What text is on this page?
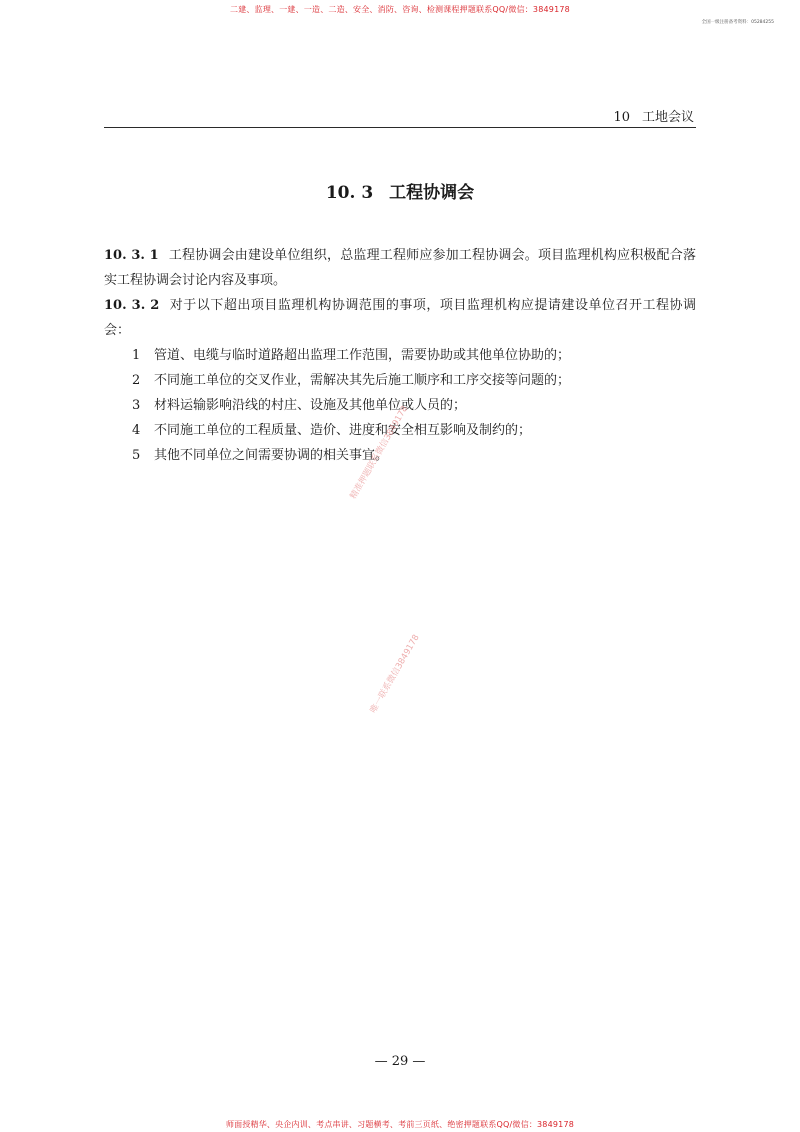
二建、监理、一建、一造、二造、安全、消防、咨询、检测课程押题联系QQ/微信：3849178
全国一级注册备考资料：05284255
10 工地会议
10. 3 工程协调会

10. 3. 1 工程协调会由建设单位组织，总监理工程师应参加工程协调会。项目监理机构应积极配合落实工程协调会讨论内容及事项。

10. 3. 2 对于以下超出项目监理机构协调范围的事项，项目监理机构应提请建设单位召开工程协调会：

1 管道、电缆与临时道路超出监理工作范围，需要协助或其他单位协助的；

2 不同施工单位的交叉作业，需解决其先后施工顺序和工序交接等问题的；

3 材料运输影响沿线的村庄、设施及其他单位或人员的；

4 不同施工单位的工程质量、造价、进度和安全相互影响及制约的；

5 其他不同单位之间需要协调的相关事宜。

精准押题联系微信3849178
唯一联系微信3849178
— 29 —
师面授精华、央企内训、考点串讲、习题横考、考前三页纸、绝密押题联系QQ/微信：3849178
